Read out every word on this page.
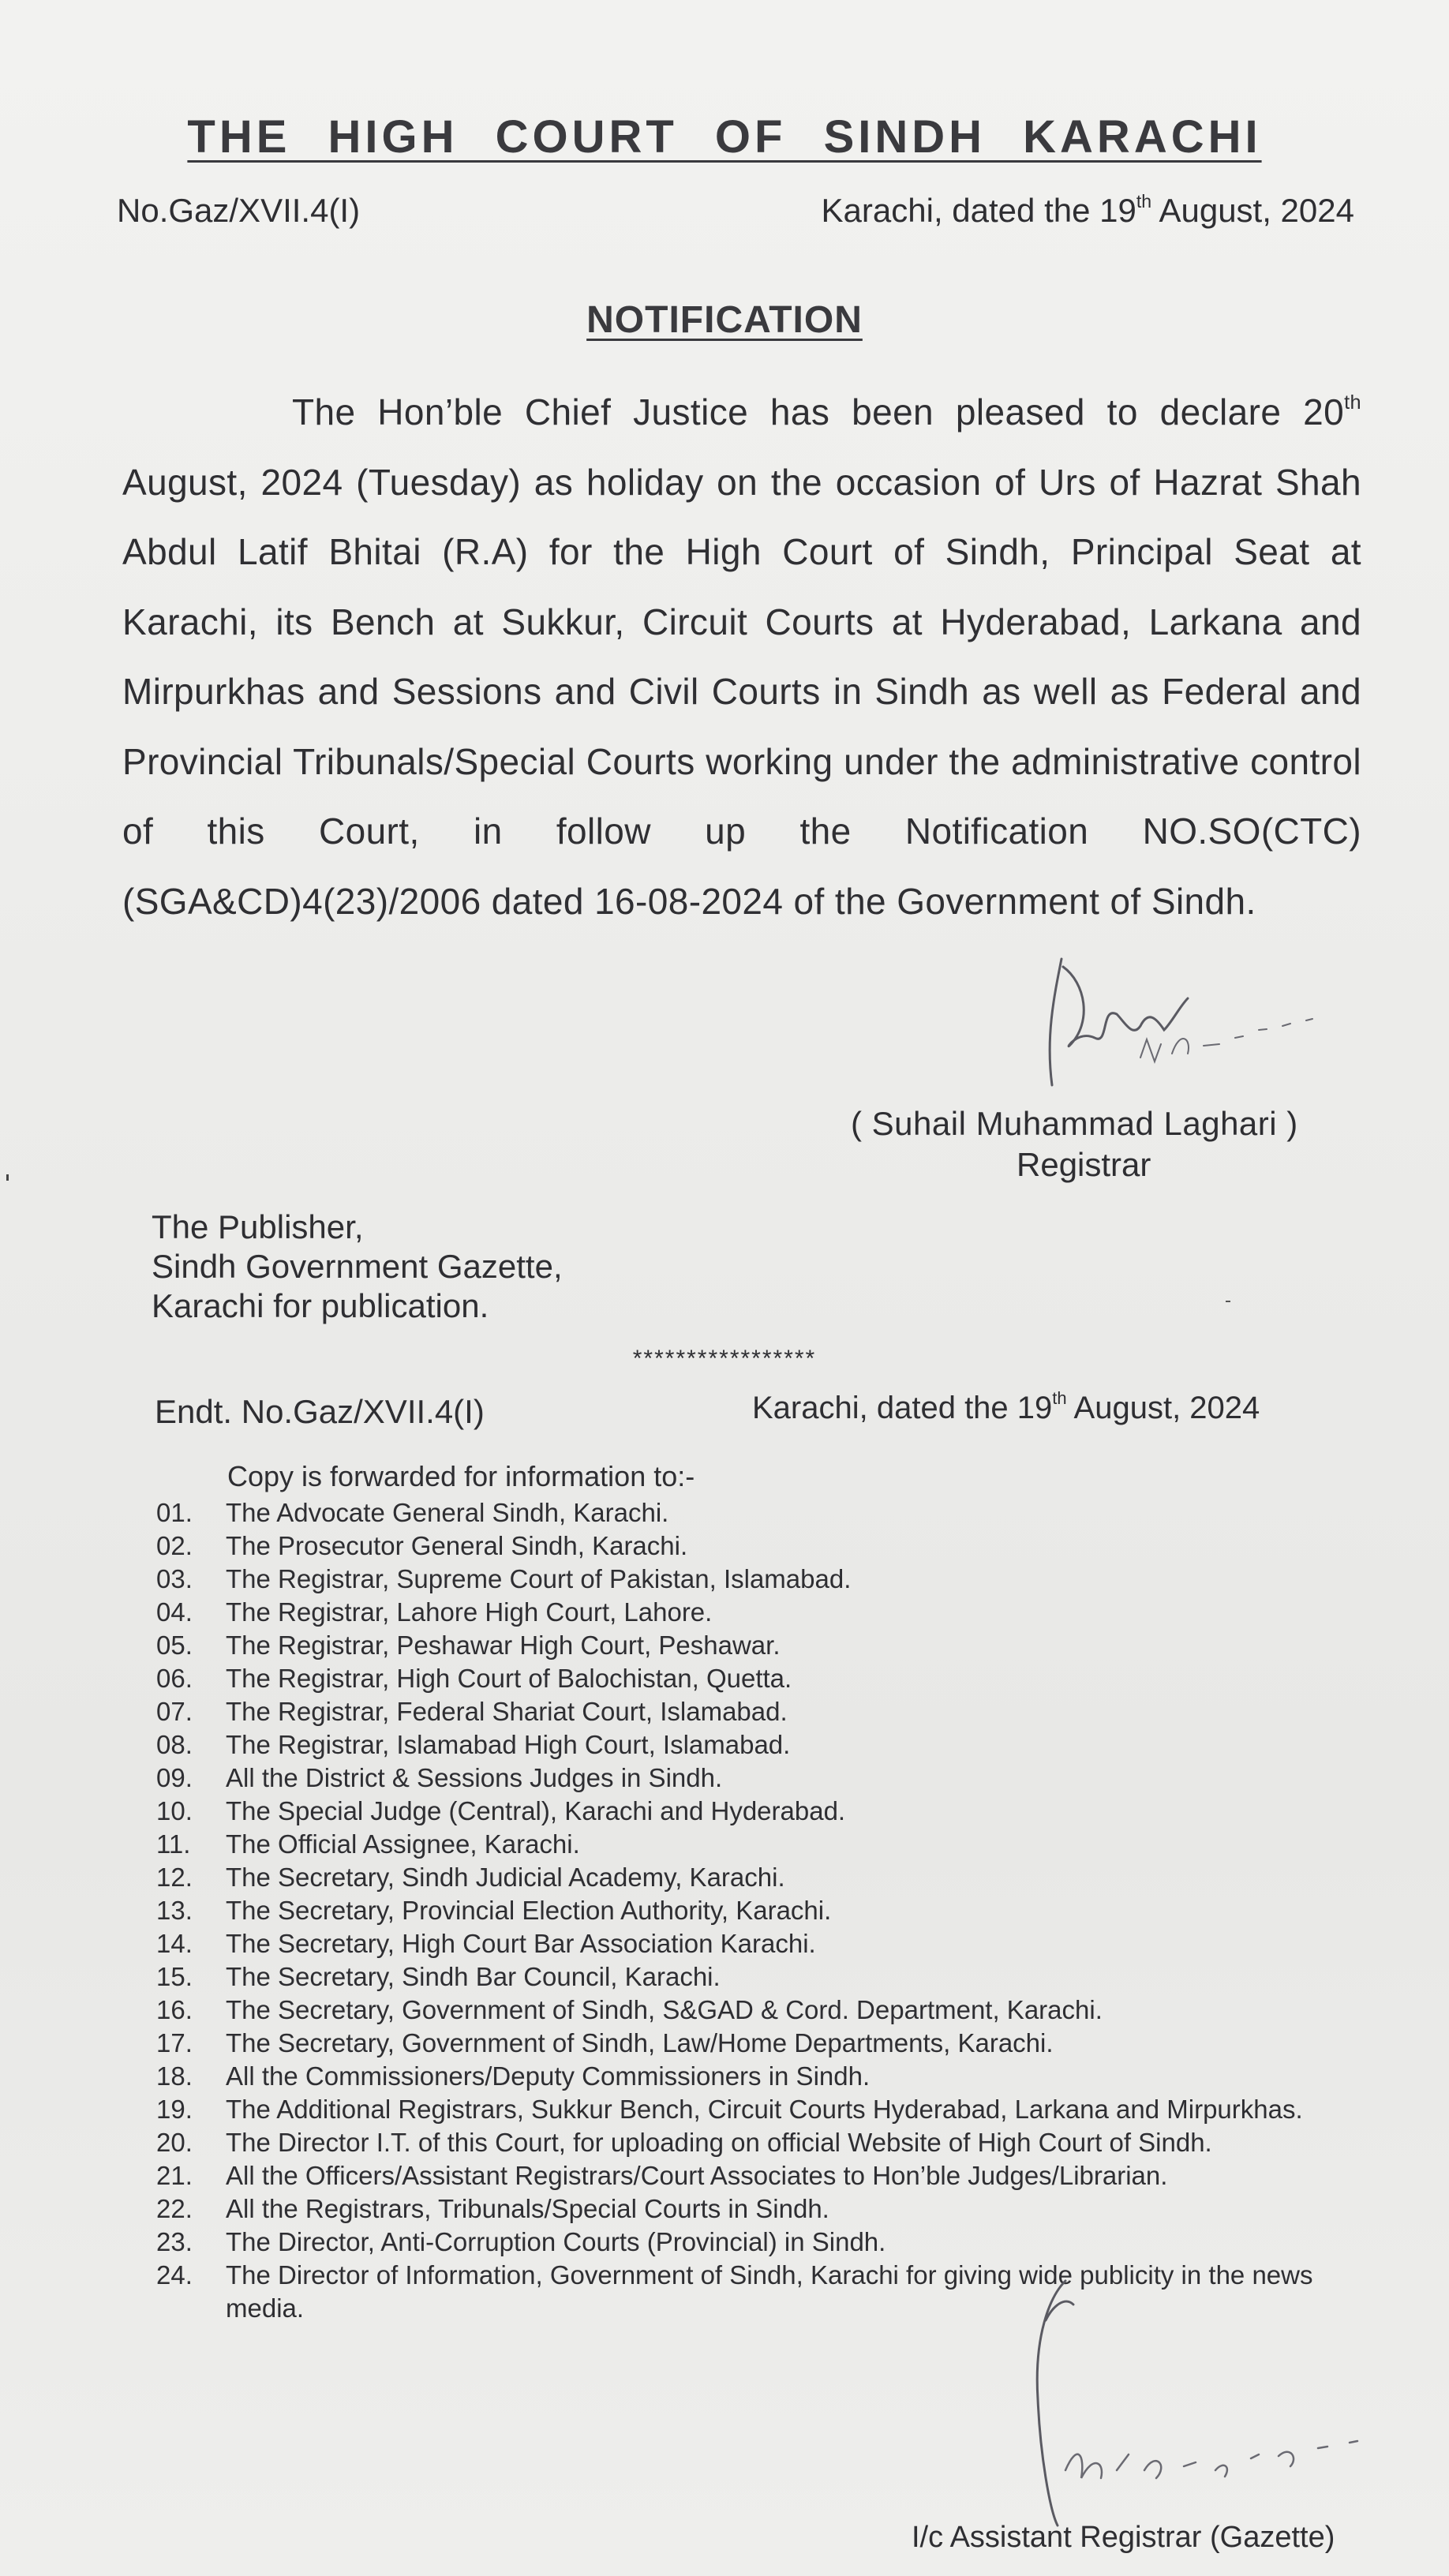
THE HIGH COURT OF SINDH KARACHI
No.Gaz/XVII.4(I)	Karachi, dated the 19th August, 2024
NOTIFICATION
The Hon’ble Chief Justice has been pleased to declare 20th August, 2024 (Tuesday) as holiday on the occasion of Urs of Hazrat Shah Abdul Latif Bhitai (R.A) for the High Court of Sindh, Principal Seat at Karachi, its Bench at Sukkur, Circuit Courts at Hyderabad, Larkana and Mirpurkhas and Sessions and Civil Courts in Sindh as well as Federal and Provincial Tribunals/Special Courts working under the administrative control of this Court, in follow up the Notification NO.SO(CTC)(SGA&CD)4(23)/2006 dated 16-08-2024 of the Government of Sindh.
( Suhail Muhammad Laghari )
Registrar
The Publisher,
Sindh Government Gazette,
Karachi for publication.
*****************
Endt. No.Gaz/XVII.4(I)	Karachi, dated the 19th August, 2024
Copy is forwarded for information to:-
01.	The Advocate General Sindh, Karachi.
02.	The Prosecutor General Sindh, Karachi.
03.	The Registrar, Supreme Court of Pakistan, Islamabad.
04.	The Registrar, Lahore High Court, Lahore.
05.	The Registrar, Peshawar High Court, Peshawar.
06.	The Registrar, High Court of Balochistan, Quetta.
07.	The Registrar, Federal Shariat Court, Islamabad.
08.	The Registrar, Islamabad High Court, Islamabad.
09.	All the District & Sessions Judges in Sindh.
10.	The Special Judge (Central), Karachi and Hyderabad.
11.	The Official Assignee, Karachi.
12.	The Secretary, Sindh Judicial Academy, Karachi.
13.	The Secretary, Provincial Election Authority, Karachi.
14.	The Secretary, High Court Bar Association Karachi.
15.	The Secretary, Sindh Bar Council, Karachi.
16.	The Secretary, Government of Sindh, S&GAD & Cord. Department, Karachi.
17.	The Secretary, Government of Sindh, Law/Home Departments, Karachi.
18.	All the Commissioners/Deputy Commissioners in Sindh.
19.	The Additional Registrars, Sukkur Bench, Circuit Courts Hyderabad, Larkana and Mirpurkhas.
20.	The Director I.T. of this Court, for uploading on official Website of High Court of Sindh.
21.	All the Officers/Assistant Registrars/Court Associates to Hon’ble Judges/Librarian.
22.	All the Registrars, Tribunals/Special Courts in Sindh.
23.	The Director, Anti-Corruption Courts (Provincial) in Sindh.
24.	The Director of Information, Government of Sindh, Karachi for giving wide publicity in the news media.
I/c Assistant Registrar (Gazette)
